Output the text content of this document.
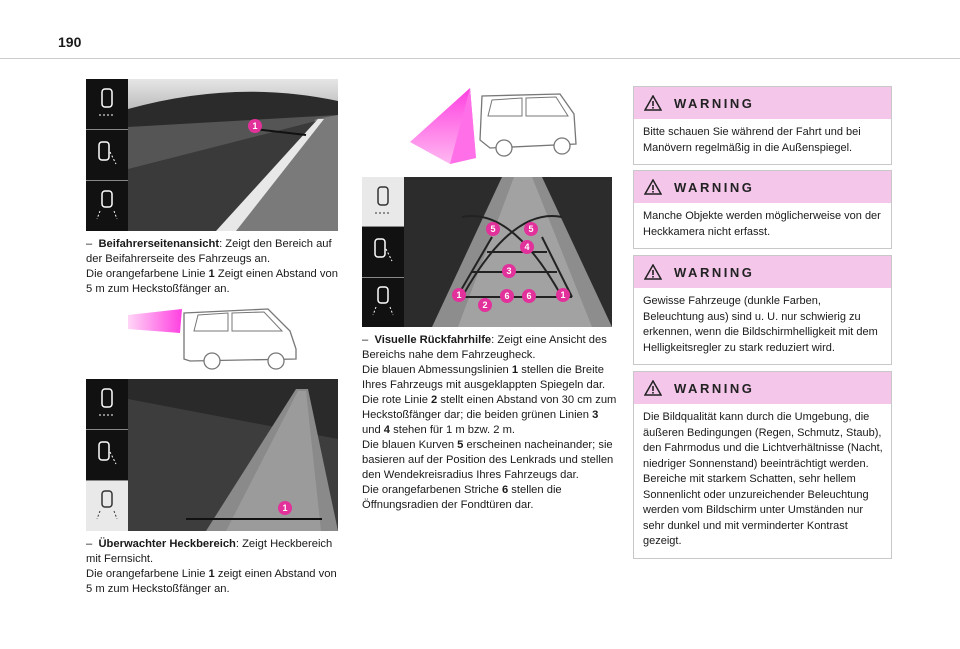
190
1
– Beifahrerseitenansicht: Zeigt den Bereich auf der Beifahrerseite des Fahrzeugs an.
Die orangefarbene Linie 1 Zeigt einen Abstand von 5 m zum Heckstoßfänger an.
1
– Überwachter Heckbereich: Zeigt Heckbereich mit Fernsicht.
Die orangefarbene Linie 1 zeigt einen Abstand von 5 m zum Heckstoßfänger an.
5	5
4
3
1	6	6	1
2
– Visuelle Rückfahrhilfe: Zeigt eine Ansicht des Bereichs nahe dem Fahrzeugheck.
Die blauen Abmessungslinien 1 stellen die Breite Ihres Fahrzeugs mit ausgeklappten Spiegeln dar.
Die rote Linie 2 stellt einen Abstand von 30 cm zum Heckstoßfänger dar; die beiden grünen Linien 3 und 4 stehen für 1 m bzw. 2 m.
Die blauen Kurven 5 erscheinen nacheinander; sie basieren auf der Position des Lenkrads und stellen den Wendekreisradius Ihres Fahrzeugs dar.
Die orangefarbenen Striche 6 stellen die Öffnungsradien der Fondtüren dar.
WARNING
Bitte schauen Sie während der Fahrt und bei Manövern regelmäßig in die Außenspiegel.
WARNING
Manche Objekte werden möglicherweise von der Heckkamera nicht erfasst.
WARNING
Gewisse Fahrzeuge (dunkle Farben, Beleuchtung aus) sind u. U. nur schwierig zu erkennen, wenn die Bildschirmhelligkeit mit dem Helligkeitsregler zu stark reduziert wird.
WARNING
Die Bildqualität kann durch die Umgebung, die äußeren Bedingungen (Regen, Schmutz, Staub), den Fahrmodus und die Lichtverhältnisse (Nacht, niedriger Sonnenstand) beeinträchtigt werden. Bereiche mit starkem Schatten, sehr hellem Sonnenlicht oder unzureichender Beleuchtung werden vom Bildschirm unter Umständen nur sehr dunkel und mit verminderter Kontrast gezeigt.
